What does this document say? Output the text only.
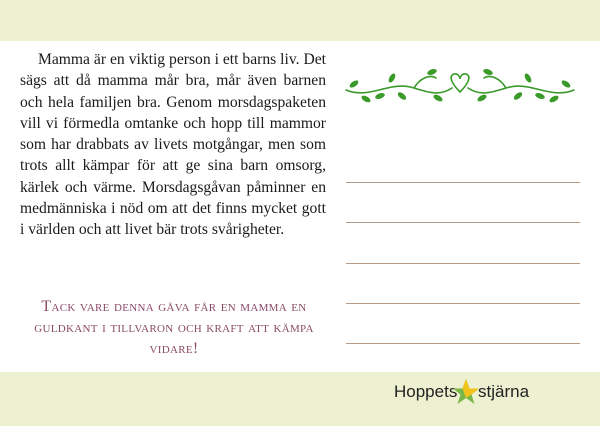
Mamma är en viktig person i ett barns liv. Det sägs att då mamma mår bra, mår även barnen och hela familjen bra. Genom morsdagspaketen vill vi förmedla omtanke och hopp till mammor som har drabbats av livets motgångar, men som trots allt kämpar för att ge sina barn omsorg, kärlek och värme. Morsdagsgåvan påminner en medmänniska i nöd om att det finns mycket gott i världen och att livet bär trots svårigheter.

Tack vare denna gåva får en mamma en guldkant i tillvaron och kraft att kämpa vidare!

Hoppets stjärna
